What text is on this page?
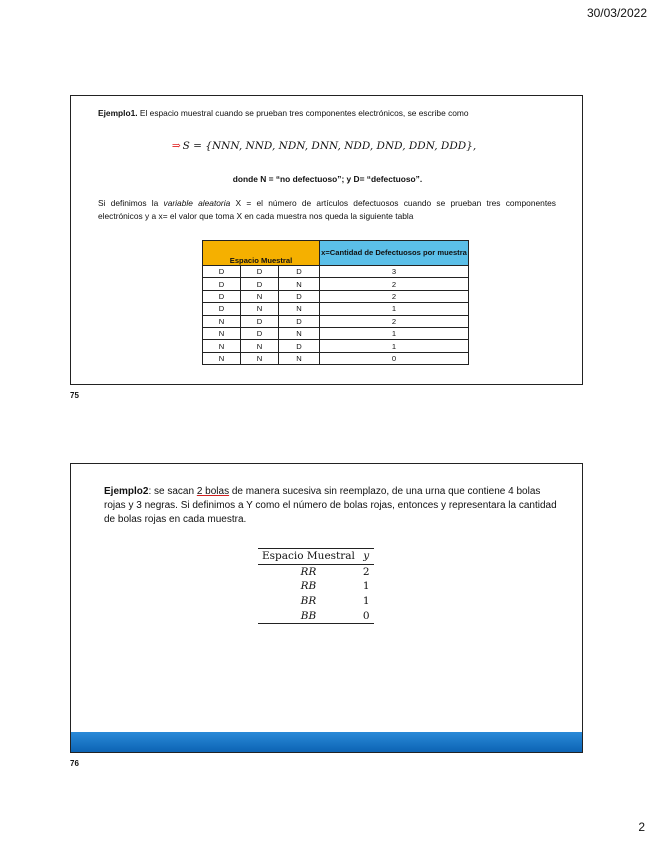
30/03/2022
Ejemplo1. El espacio muestral cuando se prueban tres componentes electrónicos, se escribe como
⇒ S = {NNN, NND, NDN, DNN, NDD, DND, DDN, DDD},
donde N = “no defectuoso”; y D= “defectuoso”.
Si definimos la variable aleatoria X = el número de artículos defectuosos cuando se prueban tres componentes electrónicos y a x= el valor que toma X en cada muestra nos queda la siguiente tabla
Espacio Muestral			x=Cantidad de Defectuosos por muestra
D	D	D	3
D	D	N	2
D	N	D	2
D	N	N	1
N	D	D	2
N	D	N	1
N	N	D	1
N	N	N	0
75
Ejemplo2: se sacan 2 bolas de manera sucesiva sin reemplazo, de una urna que contiene 4 bolas rojas y 3 negras. Si definimos a Y como el número de bolas rojas, entonces y representara la cantidad de bolas rojas en cada muestra.
Espacio Muestral	y
RR	2
RB	1
BR	1
BB	0
76
2
